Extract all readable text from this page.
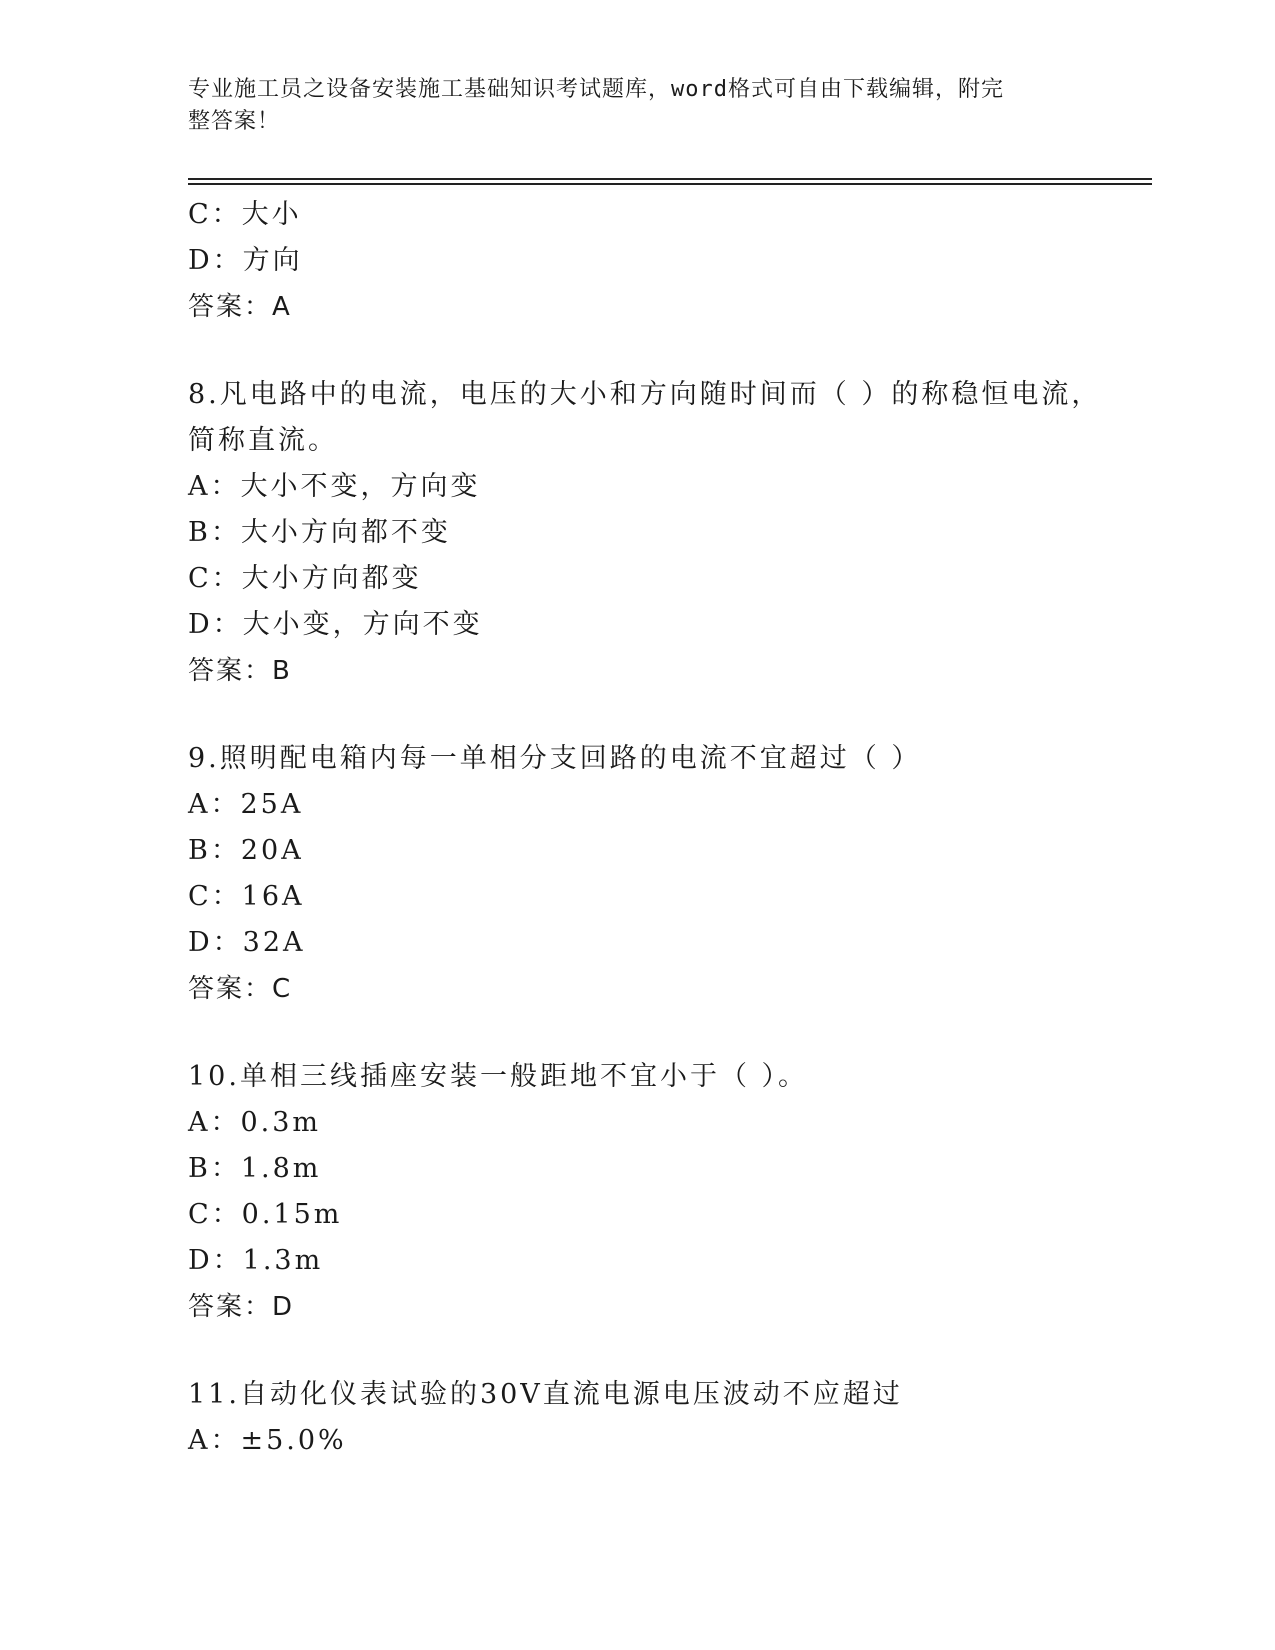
专业施工员之设备安装施工基础知识考试题库，word格式可自由下载编辑，附完
整答案！
C：大小
D：方向
答案：A
8.凡电路中的电流，电压的大小和方向随时间而（ ）的称稳恒电流，
简称直流。
A：大小不变，方向变
B：大小方向都不变
C：大小方向都变
D：大小变，方向不变
答案：B
9.照明配电箱内每一单相分支回路的电流不宜超过（ ）
A：25A
B：20A
C：16A
D：32A
答案：C
10.单相三线插座安装一般距地不宜小于（ ）。
A：0.3m
B：1.8m
C：0.15m
D：1.3m
答案：D
11.自动化仪表试验的30V直流电源电压波动不应超过
A：±5.0%
